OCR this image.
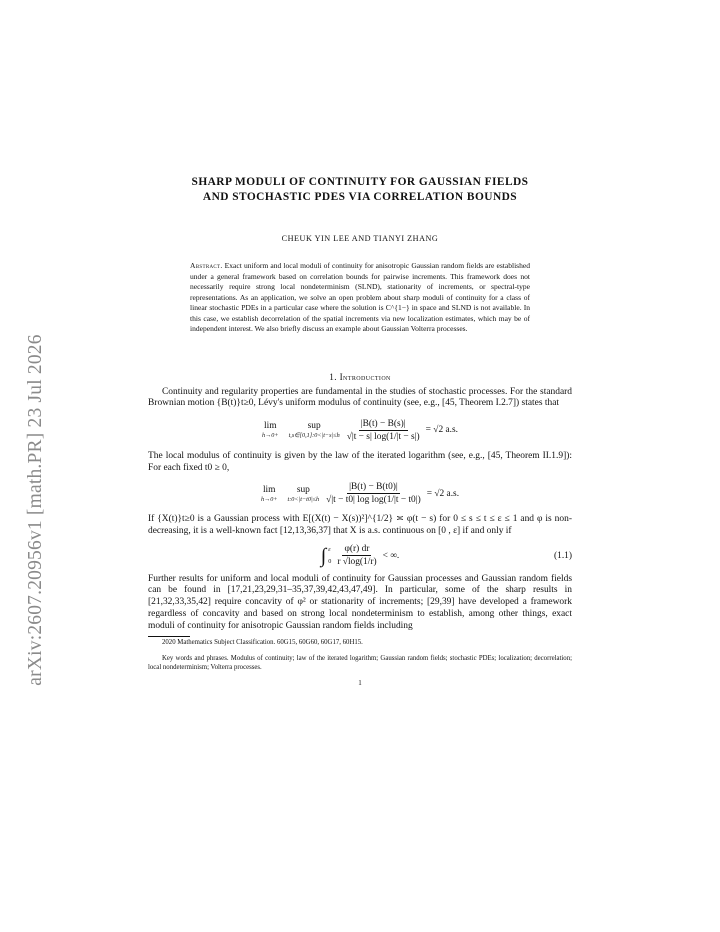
arXiv:2607.20956v1 [math.PR] 23 Jul 2026
SHARP MODULI OF CONTINUITY FOR GAUSSIAN FIELDS
AND STOCHASTIC PDES VIA CORRELATION BOUNDS
CHEUK YIN LEE AND TIANYI ZHANG
Abstract. Exact uniform and local moduli of continuity for anisotropic Gaussian random fields are established under a general framework based on correlation bounds for pairwise increments. This framework does not necessarily require strong local nondeterminism (SLND), stationarity of increments, or spectral-type representations. As an application, we solve an open problem about sharp moduli of continuity for a class of linear stochastic PDEs in a particular case where the solution is C^{1−} in space and SLND is not available. In this case, we establish decorrelation of the spatial increments via new localization estimates, which may be of independent interest. We also briefly discuss an example about Gaussian Volterra processes.
1. Introduction

Continuity and regularity properties are fundamental in the studies of stochastic processes. For the standard Brownian motion {B(t)}t≥0, Lévy's uniform modulus of continuity (see, e.g., [45, Theorem I.2.7]) states that

lim
h→0+
sup
t,s∈[0,1]:0<|t−s|≤h $\frac{|B(t) - B(s)|}{√|t - s| \log(1/|t - s|)} = √2$ a.s.

The local modulus of continuity is given by the law of the iterated logarithm (see, e.g., [45, Theorem II.1.9]): For each fixed t0 ≥ 0,

lim
h→0+
sup
t:0<|t−t0|≤h $\frac{|B(t) - B(t0)|}{\text{√|t − t0| log log(1/|t − t0|)}} = √2$ a.s.

If {X(t)}t≥0 is a Gaussian process with E[(X(t) − X(s))²]^{1/2} ≍ φ(t − s) for 0 ≤ s ≤ t ≤ ε ≤ 1 and φ is non-decreasing, it is a well-known fact [12,13,36,37] that X is a.s. continuous on [0 , ε] if and only if

∫ ε
$0 \frac{\varphi(r) dr}{r √\log(1/r)}$ < ∞.	(1.1)

Further results for uniform and local moduli of continuity for Gaussian processes and Gaussian random fields can be found in [17,21,23,29,31–35,37,39,42,43,47,49]. In particular, some of the sharp results in [21,32,33,35,42] require concavity of φ² or stationarity of increments; [29,39] have developed a framework regardless of concavity and based on strong local nondeterminism to establish, among other things, exact moduli of continuity for anisotropic Gaussian random fields including

2020 Mathematics Subject Classification. 60G15, 60G60, 60G17, 60H15.

Key words and phrases. Modulus of continuity; law of the iterated logarithm; Gaussian random fields; stochastic PDEs; localization; decorrelation; local nondeterminism; Volterra processes.

1
